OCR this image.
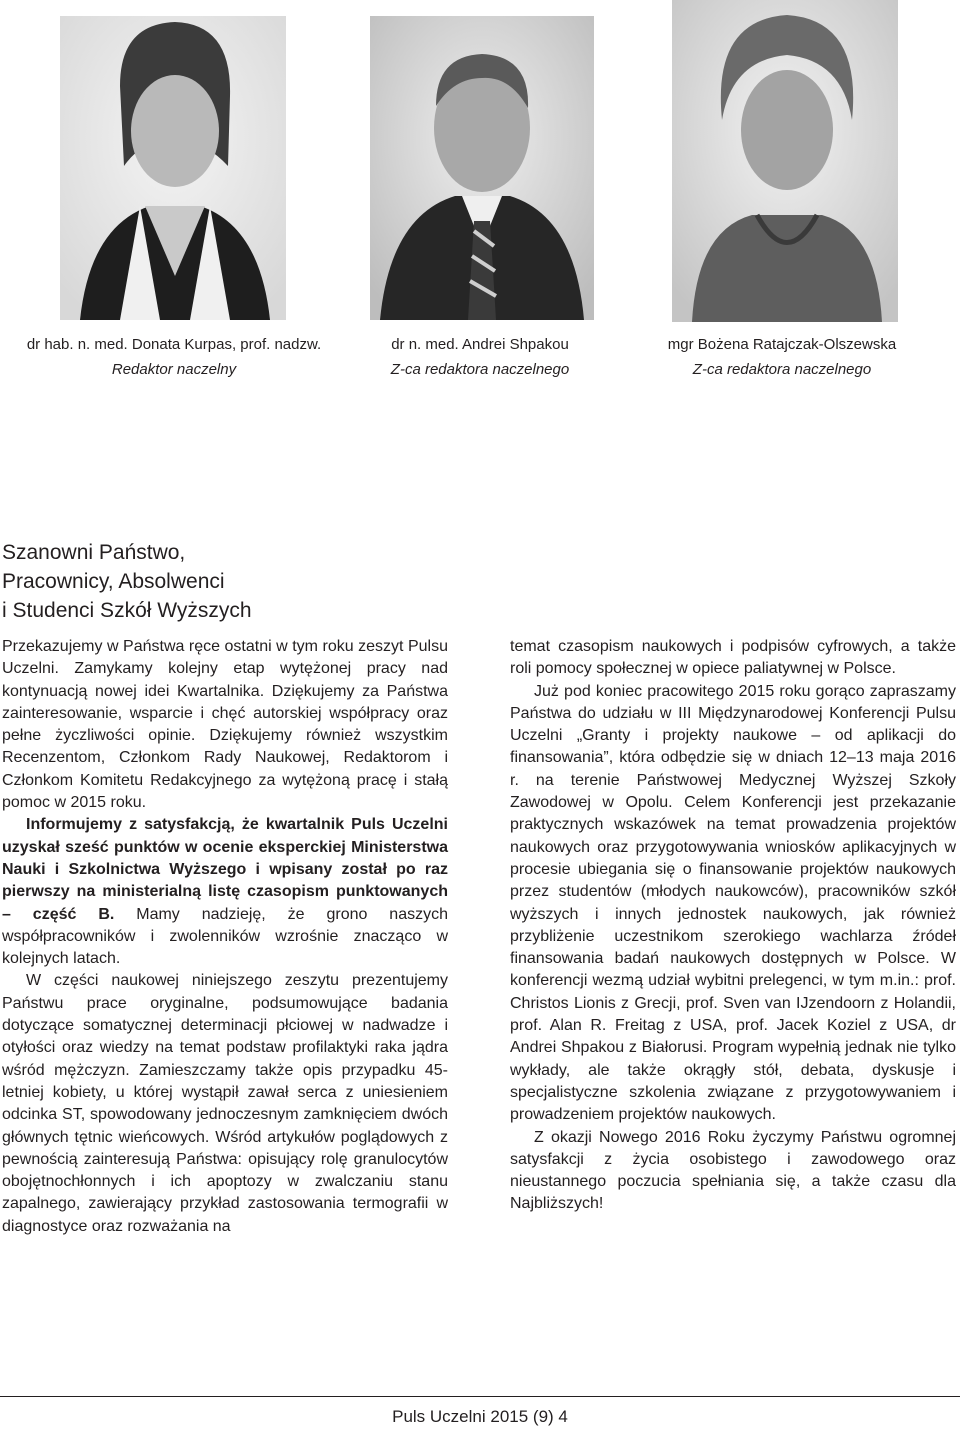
dr hab. n. med. Donata Kurpas, prof. nadzw.
Redaktor naczelny
dr n. med. Andrei Shpakou
Z-ca redaktora naczelnego
mgr Bożena Ratajczak-Olszewska
Z-ca redaktora naczelnego
Szanowni Państwo,
Pracownicy, Absolwenci
i Studenci Szkół Wyższych

Przekazujemy w Państwa ręce ostatni w tym roku zeszyt Pulsu Uczelni. Zamykamy kolejny etap wytężonej pracy nad kontynuacją nowej idei Kwartalnika. Dziękujemy za Państwa zainteresowanie, wsparcie i chęć autorskiej współpracy oraz pełne życzliwości opinie. Dziękujemy również wszystkim Recenzentom, Członkom Rady Naukowej, Redaktorom i Członkom Komitetu Redakcyjnego za wytężoną pracę i stałą pomoc w 2015 roku.

Informujemy z satysfakcją, że kwartalnik Puls Uczelni uzyskał sześć punktów w ocenie eksperckiej Ministerstwa Nauki i Szkolnictwa Wyższego i wpisany został po raz pierwszy na ministerialną listę czasopism punktowanych – część B. Mamy nadzieję, że grono naszych współpracowników i zwolenników wzrośnie znacząco w kolejnych latach.

W części naukowej niniejszego zeszytu prezentujemy Państwu prace oryginalne, podsumowujące badania dotyczące somatycznej determinacji płciowej w nadwadze i otyłości oraz wiedzy na temat podstaw profilaktyki raka jądra wśród mężczyzn. Zamieszczamy także opis przypadku 45-letniej kobiety, u której wystąpił zawał serca z uniesieniem odcinka ST, spowodowany jednoczesnym zamknięciem dwóch głównych tętnic wieńcowych. Wśród artykułów poglądowych z pewnością zainteresują Państwa: opisujący rolę granulocytów obojętnochłonnych i ich apoptozy w zwalczaniu stanu zapalnego, zawierający przykład zastosowania termografii w diagnostyce oraz rozważania na

temat czasopism naukowych i podpisów cyfrowych, a także roli pomocy społecznej w opiece paliatywnej w Polsce.

Już pod koniec pracowitego 2015 roku gorąco zapraszamy Państwa do udziału w III Międzynarodowej Konferencji Pulsu Uczelni „Granty i projekty naukowe – od aplikacji do finansowania”, która odbędzie się w dniach 12–13 maja 2016 r. na terenie Państwowej Medycznej Wyższej Szkoły Zawodowej w Opolu. Celem Konferencji jest przekazanie praktycznych wskazówek na temat prowadzenia projektów naukowych oraz przygotowywania wniosków aplikacyjnych w procesie ubiegania się o finansowanie projektów naukowych przez studentów (młodych naukowców), pracowników szkół wyższych i innych jednostek naukowych, jak również przybliżenie uczestnikom szerokiego wachlarza źródeł finansowania badań naukowych dostępnych w Polsce. W konferencji wezmą udział wybitni prelegenci, w tym m.in.: prof. Christos Lionis z Grecji, prof. Sven van IJzendoorn z Holandii, prof. Alan R. Freitag z USA, prof. Jacek Koziel z USA, dr Andrei Shpakou z Białorusi. Program wypełnią jednak nie tylko wykłady, ale także okrągły stół, debata, dyskusje i specjalistyczne szkolenia związane z przygotowywaniem i prowadzeniem projektów naukowych.

Z okazji Nowego 2016 Roku życzymy Państwu ogromnej satysfakcji z życia osobistego i zawodowego oraz nieustannego poczucia spełniania się, a także czasu dla Najbliższych!

Puls Uczelni 2015 (9) 4
